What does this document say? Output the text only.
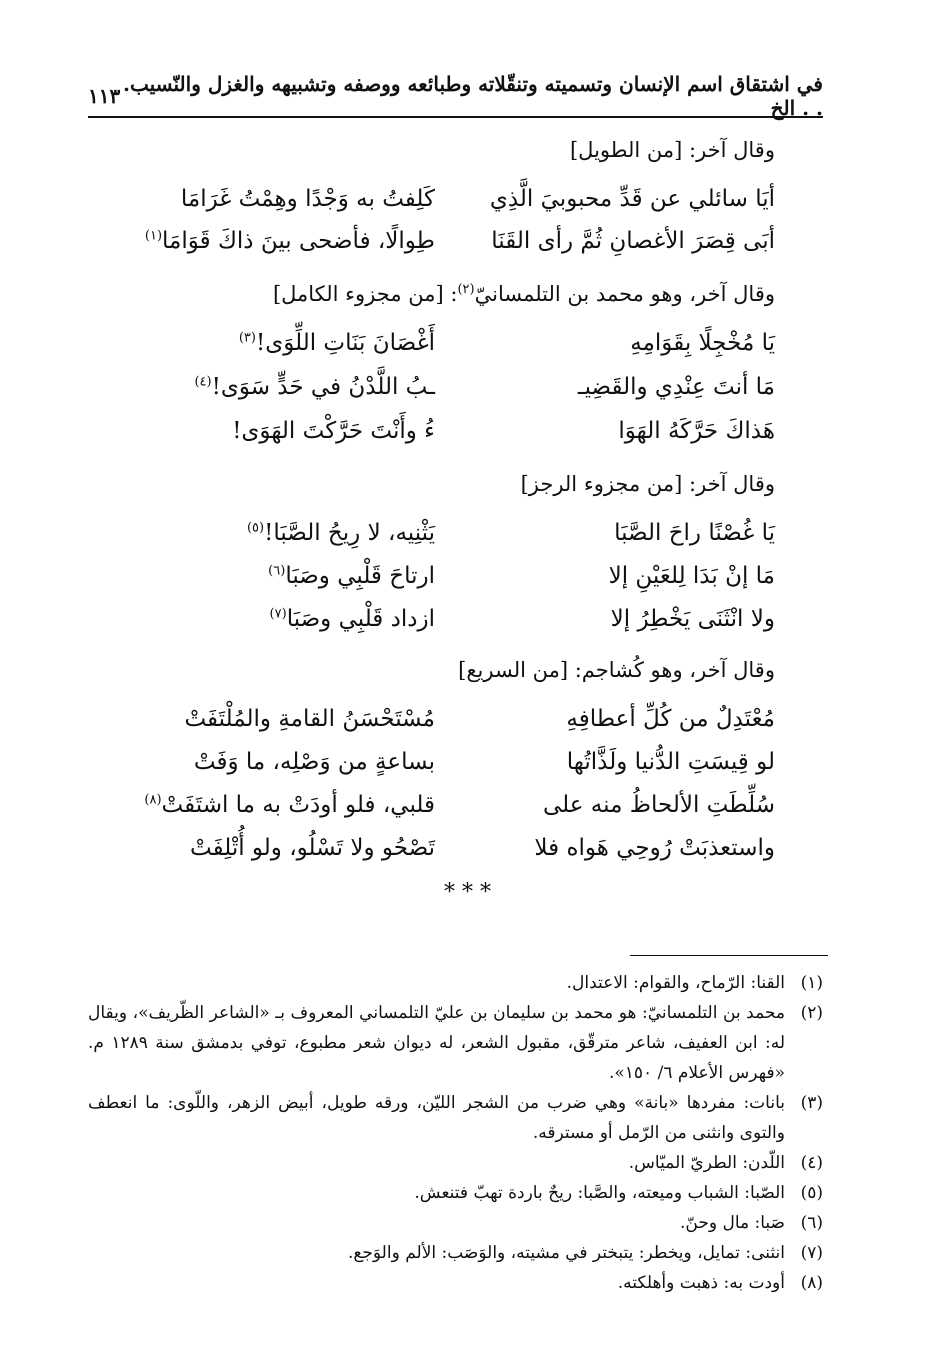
في اشتقاق اسم الإنسان وتسميته وتنقّلاته وطبائعه ووصفه وتشبيهه والغزل والنّسيب. . . الخ
١١٣
وقال آخر: [من الطويل]
أيَا سائلي عن قَدِّ محبوبيَ الَّذِي
كَلِفتُ به وَجْدًا وهِمْتُ غَرَامَا
أبَى قِصَرَ الأغصانِ ثُمَّ رأى القَنَا
طِوالًا، فأضحى بينَ ذاكَ قَوَامَا$^{(١)}$
وقال آخر، وهو محمد بن التلمسانيّ$^{(٢)}$: [من مجزوء الكامل]
يَا مُخْجِلًا بِقَوَامِهِ
أَغْصَانَ بَنَاتِ اللِّوَى!$^{(٣)}$
مَا أنتَ عِنْدِي والقَضِيـ
ـبُ اللَّدْنُ في حَدٍّ سَوَى!$^{(٤)}$
هَذاكَ حَرَّكَهُ الهَوَا
ءُ وأَنْتَ حَرَّكْتَ الهَوَى!
وقال آخر: [من مجزوء الرجز]
يَا غُصْنًا راحَ الصَّبَا
يَثْنِيه، لا رِيحُ الصَّبَا!$^{(٥)}$
مَا إنْ بَدَا لِلعَيْنِ إلا
ارتاحَ قَلْبِي وصَبَا$^{(٦)}$
ولا انْثَنَى يَخْطِرُ إلا
ازداد قَلْبِي وصَبَا$^{(٧)}$
وقال آخر، وهو كُشاجم: [من السريع]
مُعْتَدِلٌ من كُلِّ أعطافِهِ
مُسْتَحْسَنُ القامةِ والمُلْتَفَتْ
لو قِيسَتِ الدُّنيا ولَذَّاتُها
بساعةٍ من وَصْلِه، ما وَفَتْ
سُلِّطَتِ الألحاظُ منه على
قلبي، فلو أودَتْ به ما اشتَفَتْ$^{(٨)}$
واستعذبَتْ رُوحِي هَواه فلا
تَصْحُو ولا تَسْلُو، ولو أُتْلِفَتْ
* * *
(١)
القنا: الرّماح، والقوام: الاعتدال.
(٢)
محمد بن التلمسانيّ: هو محمد بن سليمان بن عليّ التلمساني المعروف بـ «الشاعر الظّريف»، ويقال له: ابن العفيف، شاعر مترقّق، مقبول الشعر، له ديوان شعر مطبوع، توفي بدمشق سنة ١٢٨٩ م. «فهرس الأعلام ٦/ ١٥٠».
(٣)
بانات: مفردها «بانة» وهي ضرب من الشجر الليّن، ورقه طويل، أبيض الزهر، واللّوى: ما انعطف والتوى وانثنى من الرّمل أو مسترقه.
(٤)
اللّدن: الطريّ الميّاس.
(٥)
الصّبا: الشباب وميعته، والصَّبا: ريحٌ باردة تهبّ فتنعش.
(٦)
صَبا: مال وحنّ.
(٧)
انثنى: تمايل، ويخطر: يتبختر في مشيته، والوَصَب: الألم والوَجع.
(٨)
أودت به: ذهبت وأهلكته.
